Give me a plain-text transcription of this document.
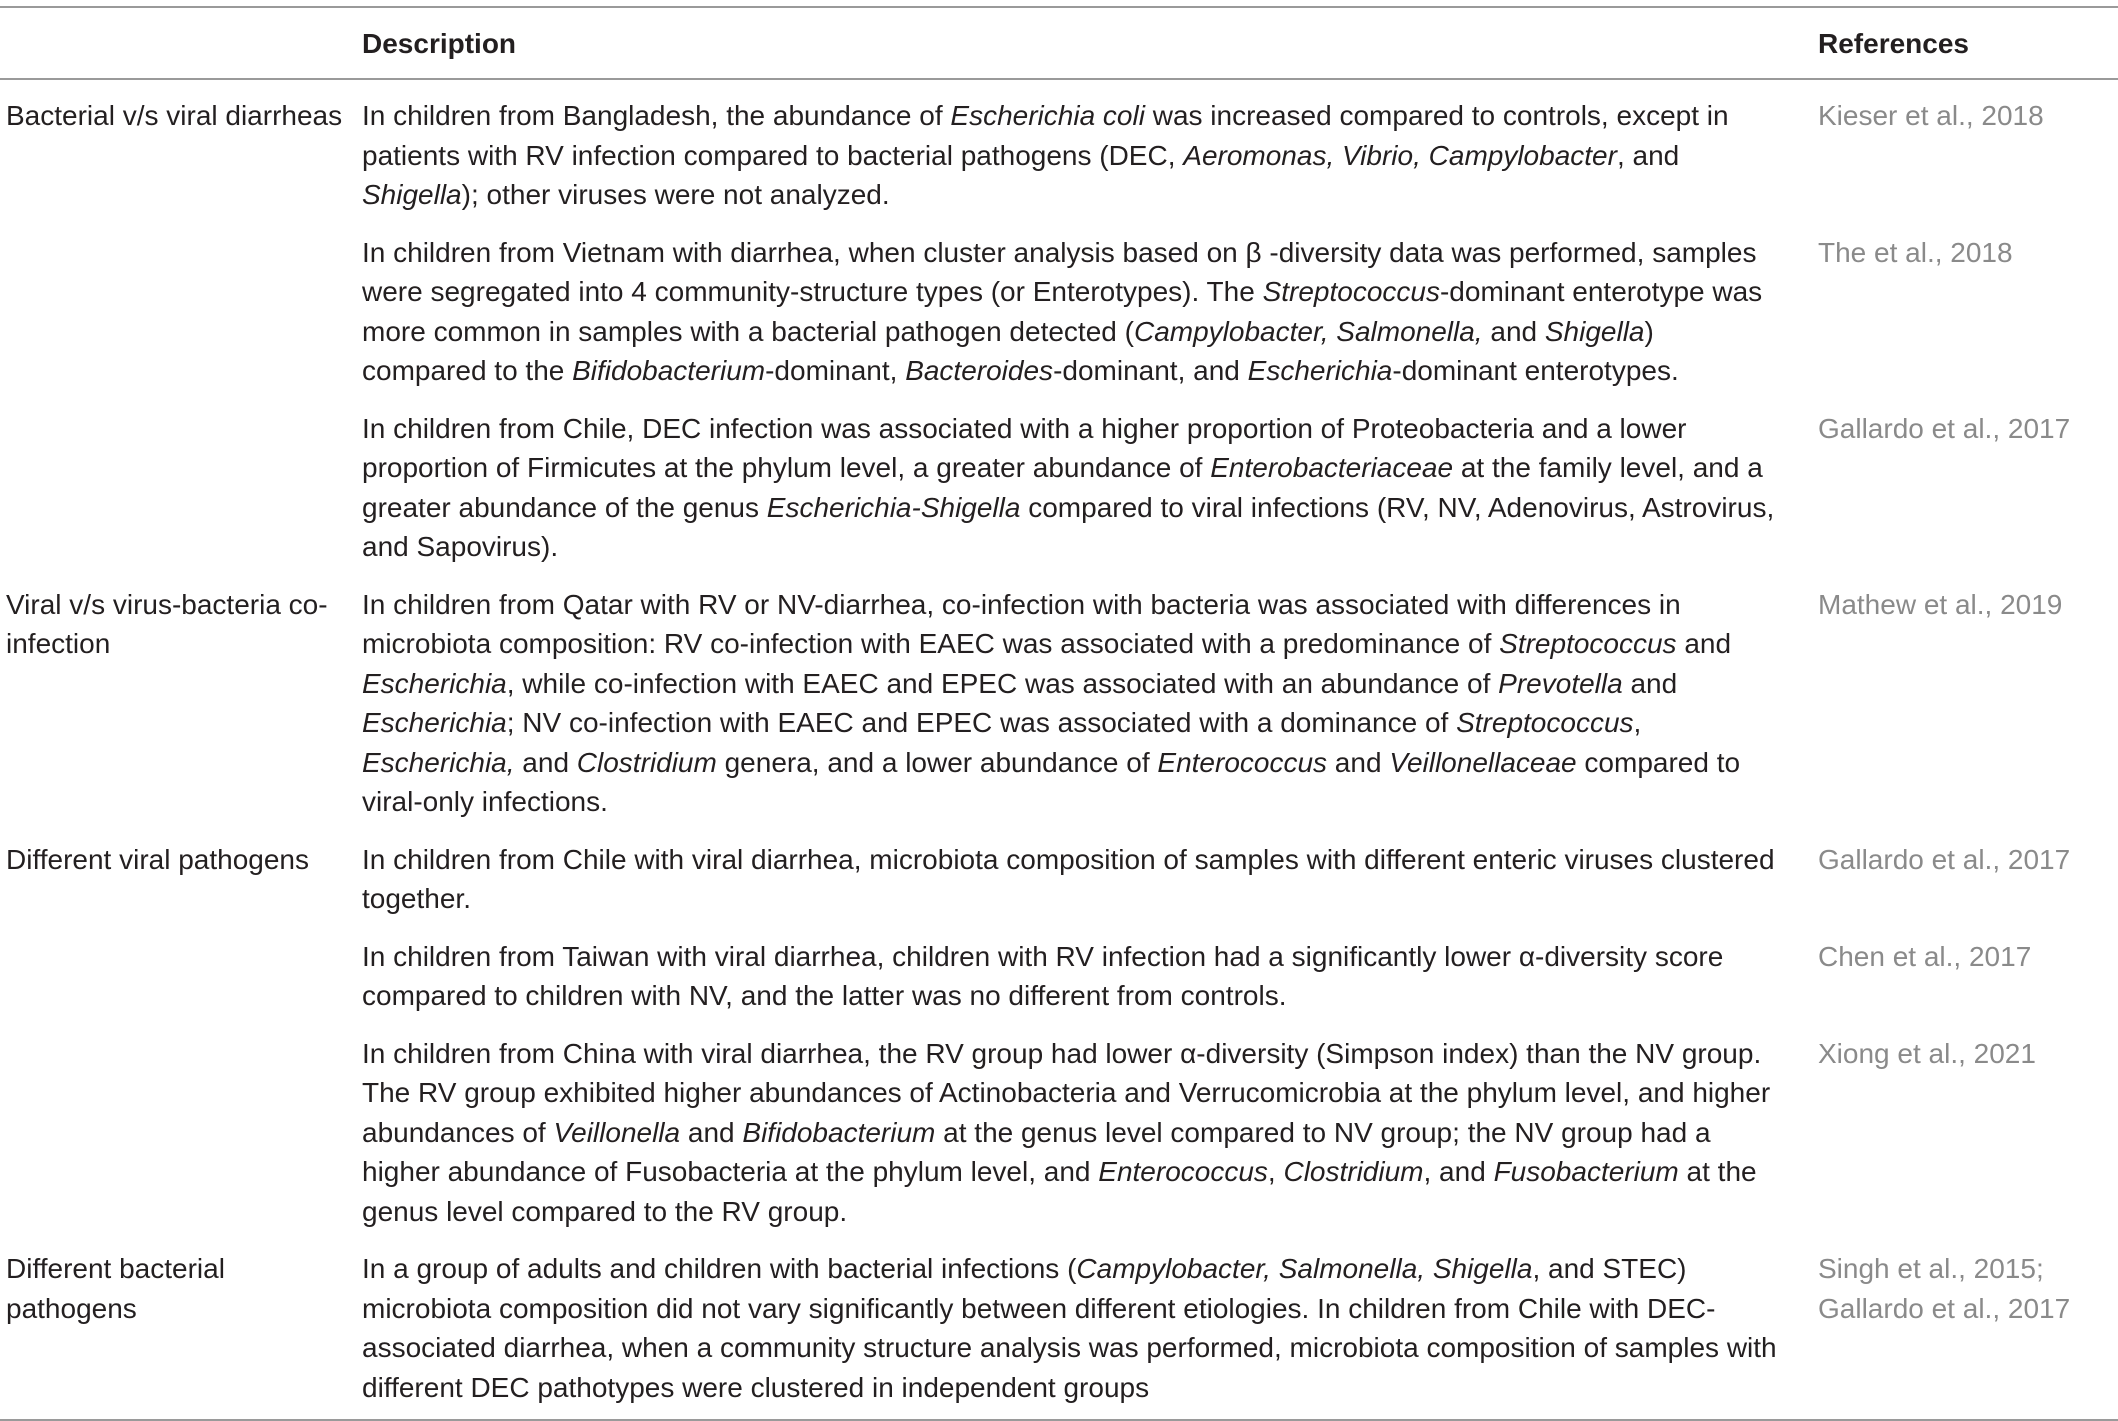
	Description	References
Bacterial v/s viral diarrheas	In children from Bangladesh, the abundance of Escherichia coli was increased compared to controls, except in patients with RV infection compared to bacterial pathogens (DEC, Aeromonas, Vibrio, Campylobacter, and Shigella); other viruses were not analyzed.	Kieser et al., 2018

	In children from Vietnam with diarrhea, when cluster analysis based on β -diversity data was performed, samples were segregated into 4 community-structure types (or Enterotypes). The Streptococcus-dominant enterotype was more common in samples with a bacterial pathogen detected (Campylobacter, Salmonella, and Shigella) compared to the Bifidobacterium-dominant, Bacteroides-dominant, and Escherichia-dominant enterotypes.	The et al., 2018

	In children from Chile, DEC infection was associated with a higher proportion of Proteobacteria and a lower proportion of Firmicutes at the phylum level, a greater abundance of Enterobacteriaceae at the family level, and a greater abundance of the genus Escherichia-Shigella compared to viral infections (RV, NV, Adenovirus, Astrovirus, and Sapovirus).	Gallardo et al., 2017

Viral v/s virus-bacteria co-infection	In children from Qatar with RV or NV-diarrhea, co-infection with bacteria was associated with differences in microbiota composition: RV co-infection with EAEC was associated with a predominance of Streptococcus and Escherichia, while co-infection with EAEC and EPEC was associated with an abundance of Prevotella and Escherichia; NV co-infection with EAEC and EPEC was associated with a dominance of Streptococcus, Escherichia, and Clostridium genera, and a lower abundance of Enterococcus and Veillonellaceae compared to viral-only infections.	Mathew et al., 2019

Different viral pathogens	In children from Chile with viral diarrhea, microbiota composition of samples with different enteric viruses clustered together.	Gallardo et al., 2017

	In children from Taiwan with viral diarrhea, children with RV infection had a significantly lower α-diversity score compared to children with NV, and the latter was no different from controls.	Chen et al., 2017

	In children from China with viral diarrhea, the RV group had lower α-diversity (Simpson index) than the NV group. The RV group exhibited higher abundances of Actinobacteria and Verrucomicrobia at the phylum level, and higher abundances of Veillonella and Bifidobacterium at the genus level compared to NV group; the NV group had a higher abundance of Fusobacteria at the phylum level, and Enterococcus, Clostridium, and Fusobacterium at the genus level compared to the RV group.	Xiong et al., 2021

Different bacterial pathogens	In a group of adults and children with bacterial infections (Campylobacter, Salmonella, Shigella, and STEC) microbiota composition did not vary significantly between different etiologies. In children from Chile with DEC-associated diarrhea, when a community structure analysis was performed, microbiota composition of samples with different DEC pathotypes were clustered in independent groups	Singh et al., 2015;
Gallardo et al., 2017
